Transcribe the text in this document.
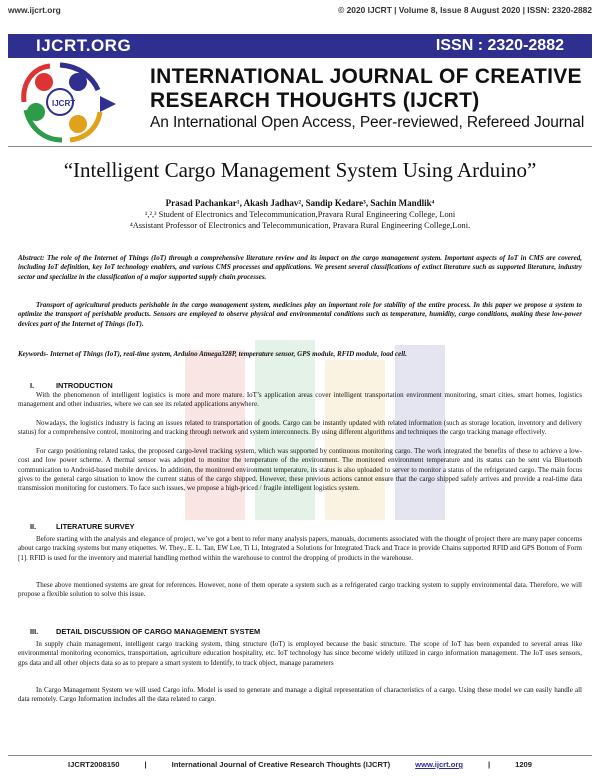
www.ijcrt.org	© 2020 IJCRT | Volume 8, Issue 8 August 2020 | ISSN: 2320-2882
IJCRT.ORG	ISSN : 2320-2882
IJCRT
INTERNATIONAL JOURNAL OF CREATIVE
RESEARCH THOUGHTS (IJCRT)
An International Open Access, Peer-reviewed, Refereed Journal
“Intelligent Cargo Management System Using Arduino”
Prasad Pachankar¹, Akash Jadhav², Sandip Kedare³, Sachin Mandlik⁴
¹,²,³ Student of Electronics and Telecommunication,Pravara Rural Engineering College, Loni
⁴Assistant Professor of Electronics and Telecommunication, Pravara Rural Engineering College,Loni.
Abstract: The role of the Internet of Things (IoT) through a comprehensive literature review and its impact on the cargo management system. Important aspects of IoT in CMS are covered, including IoT definition, key IoT technology enablers, and various CMS processes and applications. We present several classifications of extinct literature such as supported literature, industry sector and specialize in the classification of a major supported supply chain processes.
Transport of agricultural products perishable in the cargo management system, medicines play an important role for stability of the entire process. In this paper we propose a system to optimize the transport of perishable products. Sensors are employed to observe physical and environmental conditions such as temperature, humidity, cargo conditions, making these low-power devices part of the Internet of Things (IoT).
Keywords- Internet of Things (IoT), real-time system, Arduino Atmega328P, temperature sensor, GPS module, RFID module, load cell.
I.	INTRODUCTION
With the phenomenon of intelligent logistics is more and more mature. IoT’s application areas cover intelligent transportation environment monitoring, smart cities, smart homes, logistics management and other industries, where we can see its related applications anywhere.
Nowadays, the logistics industry is facing an issues related to transportation of goods. Cargo can be instantly updated with related information (such as storage location, inventory and delivery status) for a comprehensive control, monitoring and tracking through network and system interconnects. By using different algorithms and techniques the cargo tracking manage effectively.
For cargo positioning related tasks, the proposed cargo-level tracking system, which was supported by continuous monitoring cargo. The work integrated the benefits of these to achieve a low-cost and low power scheme. A thermal sensor was adopted to monitor the temperature of the environment. The monitored environment temperature and its status can be sent via Bluetooth communication to Android-based mobile devices. In addition, the monitored environment temperature, its status is also uploaded to server to monitor a status of the refrigerated cargo. The main focus gives to the general cargo situation to know the current status of the cargo shipped. However, these previous actions cannot ensure that the cargo shipped safely arrives and provide a real-time data transmission monitoring for customers. To face such issues, we propose a high-priced / fragile intelligent logistics system.
II.	LITERATURE SURVEY
Before starting with the analysis and elegance of project, we’ve got a bent to refer many analysis papers, manuals, documents associated with the thought of project there are many paper concerns about cargo tracking systems but many etiquettes. W. They., E. L. Tan, EW Lee, Ti Li, Integrated a Solutions for Integrated Track and Trace in provide Chains supported RFID and GPS Bottom of Form [1]. RFID is used for the inventory and material handling method within the warehouse to control the dropping of products in the warehouse.
These above mentioned systems are great for references. However, none of them operate a system such as a refrigerated cargo tracking system to supply environmental data. Therefore, we will propose a flexible solution to solve this issue.
III. DETAIL DISCUSSION OF CARGO MANAGEMENT SYSTEM
In supply chain management, intelligent cargo tracking system, thing structure (IoT) is employed because the basic structure. The scope of IoT has been expanded to several areas like environmental monitoring economics, transportation, agriculture education hospitality, etc. IoT technology has since become widely utilized in cargo information management. The IoT uses sensors, gps data and all other objects data so as to prepare a smart system to Identify, to track object, manage parameters
In Cargo Management System we will used Cargo info. Model is used to generate and manage a digital representation of characteristics of a cargo. Using these model we can easily handle all data remotely. Cargo Information includes all the data related to cargo.
IJCRT2008150	|	International Journal of Creative Research Thoughts (IJCRT)	www.ijcrt.org	|	1209
